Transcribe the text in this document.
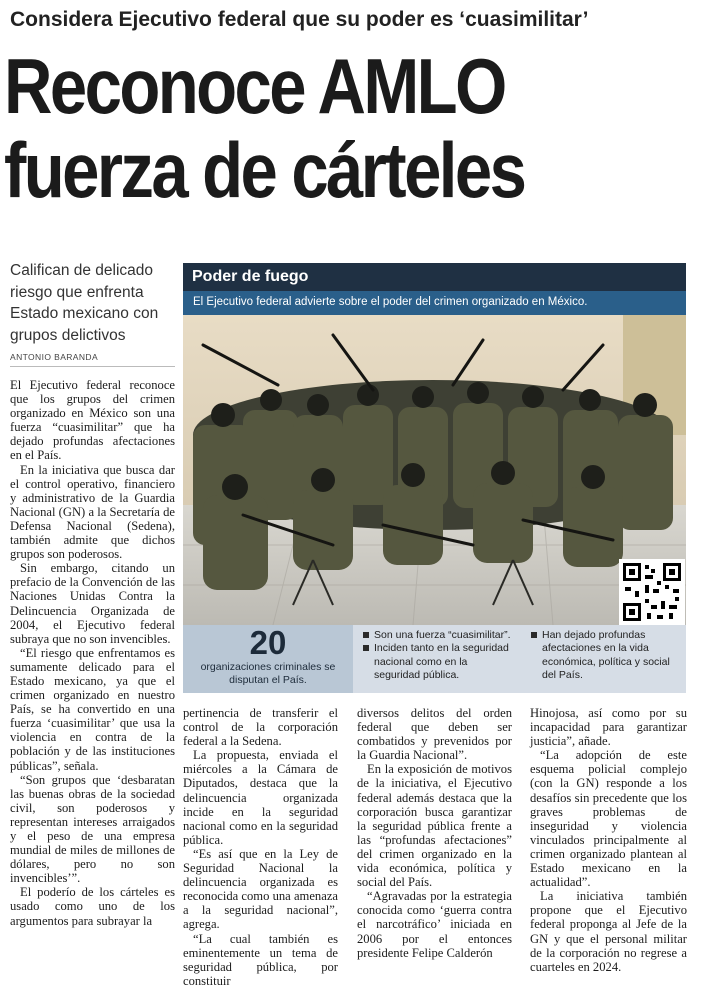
Considera Ejecutivo federal que su poder es ‘cuasimilitar’
Reconoce AMLO
fuerza de cárteles
Califican de delicado riesgo que enfrenta Estado mexicano con grupos delictivos
ANTONIO BARANDA

El Ejecutivo federal reconoce que los grupos del crimen organizado en México son una fuerza “cuasimilitar” que ha dejado profundas afectaciones en el País.

En la iniciativa que busca dar el control operativo, financiero y administrativo de la Guardia Nacional (GN) a la Secretaría de Defensa Nacional (Sedena), también admite que dichos grupos son poderosos.

Sin embargo, citando un prefacio de la Convención de las Naciones Unidas Contra la Delincuencia Organizada de 2004, el Ejecutivo federal subraya que no son invencibles.

“El riesgo que enfrentamos es sumamente delicado para el Estado mexicano, ya que el crimen organizado en nuestro País, se ha convertido en una fuerza ‘cuasimilitar’ que usa la violencia en contra de la población y de las instituciones públicas”, señala.

“Son grupos que ‘desbaratan las buenas obras de la sociedad civil, son poderosos y representan intereses arraigados y el peso de una empresa mundial de miles de millones de dólares, pero no son invencibles’”.

El poderío de los cárteles es usado como uno de los argumentos para subrayar la

Poder de fuego
El Ejecutivo federal advierte sobre el poder del crimen organizado en México.
20
organizaciones criminales se disputan el País.
Son una fuerza “cuasimilitar”.
Inciden tanto en la seguridad nacional como en la seguridad pública.
Han dejado profundas afectaciones en la vida económica, política y social del País.

pertinencia de transferir el control de la corporación federal a la Sedena.

La propuesta, enviada el miércoles a la Cámara de Diputados, destaca que la delincuencia organizada incide en la seguridad nacional como en la seguridad pública.

“Es así que en la Ley de Seguridad Nacional la delincuencia organizada es reconocida como una amenaza a la seguridad nacional”, agrega.

“La cual también es eminentemente un tema de seguridad pública, por constituir

diversos delitos del orden federal que deben ser combatidos y prevenidos por la Guardia Nacional”.

En la exposición de motivos de la iniciativa, el Ejecutivo federal además destaca que la corporación busca garantizar la seguridad pública frente a las “profundas afectaciones” del crimen organizado en la vida económica, política y social del País.

“Agravadas por la estrategia conocida como ‘guerra contra el narcotráfico’ iniciada en 2006 por el entonces presidente Felipe Calderón

Hinojosa, así como por su incapacidad para garantizar justicia”, añade.

“La adopción de este esquema policial complejo (con la GN) responde a los desafíos sin precedente que los graves problemas de inseguridad y violencia vinculados principalmente al crimen organizado plantean al Estado mexicano en la actualidad”.

La iniciativa también propone que el Ejecutivo federal proponga al Jefe de la GN y que el personal militar de la corporación no regrese a cuarteles en 2024.
